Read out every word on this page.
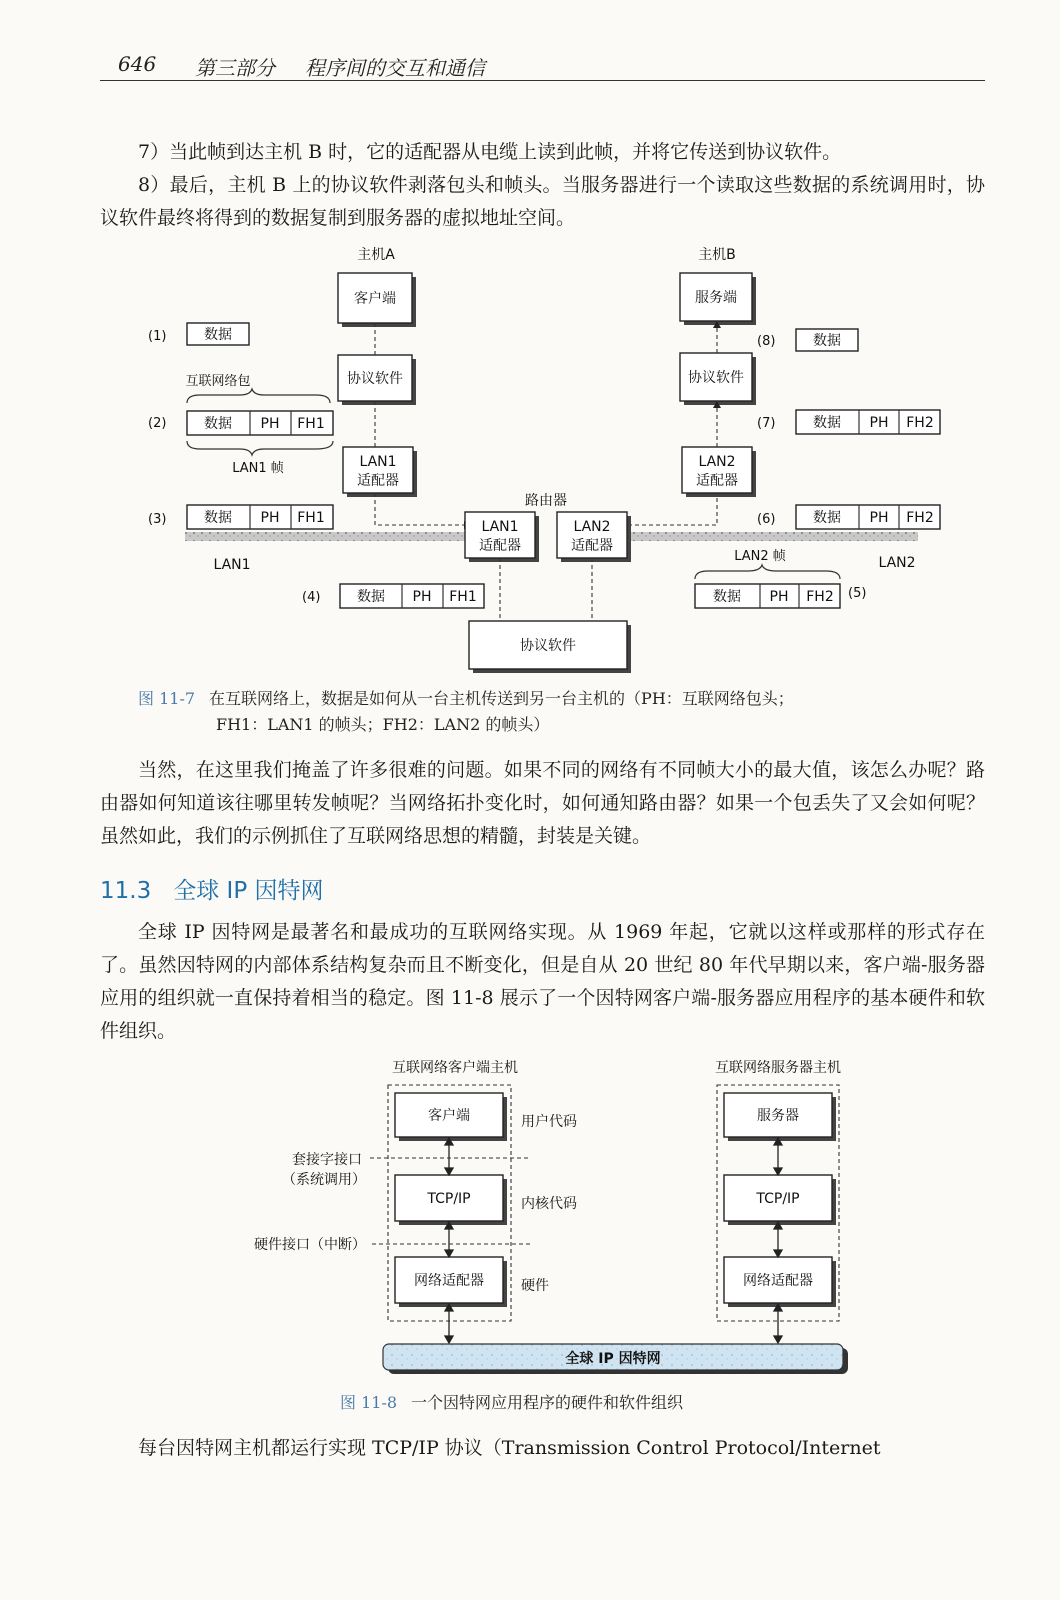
646 第三部分 程序间的交互和通信

7）当此帧到达主机 B 时，它的适配器从电缆上读到此帧，并将它传送到协议软件。

8）最后，主机 B 上的协议软件剥落包头和帧头。当服务器进行一个读取这些数据的系统调用时，协议软件最终将得到的数据复制到服务器的虚拟地址空间。

主机A	主机B
客户端
协议软件
LAN1
适配器
服务端
协议软件
LAN2
适配器
路由器
LAN1
适配器
LAN2
适配器
协议软件
LAN1	LAN2
(1)	数据
互联网络包
(2)	数据 PH FH1
LAN1 帧
(3)	数据 PH FH1
(4)	数据 PH FH1
LAN2 帧
数据 PH FH2 (5)
(6)	数据 PH FH2
(7)	数据 PH FH2
(8)	数据
图 11-7 在互联网络上，数据是如何从一台主机传送到另一台主机的（PH：互联网络包头；
FH1：LAN1 的帧头；FH2：LAN2 的帧头）

当然，在这里我们掩盖了许多很难的问题。如果不同的网络有不同帧大小的最大值，该怎么办呢？路由器如何知道该往哪里转发帧呢？当网络拓扑变化时，如何通知路由器？如果一个包丢失了又会如何呢？虽然如此，我们的示例抓住了互联网络思想的精髓，封装是关键。

11.3 全球 IP 因特网

全球 IP 因特网是最著名和最成功的互联网络实现。从 1969 年起，它就以这样或那样的形式存在了。虽然因特网的内部体系结构复杂而且不断变化，但是自从 20 世纪 80 年代早期以来，客户端-服务器应用的组织就一直保持着相当的稳定。图 11-8 展示了一个因特网客户端-服务器应用程序的基本硬件和软件组织。

互联网络客户端主机	互联网络服务器主机
客户端
TCP/IP
网络适配器
服务器
TCP/IP
网络适配器
用户代码
内核代码
硬件
套接字接口
（系统调用）
硬件接口（中断）
全球 IP 因特网
图 11-8 一个因特网应用程序的硬件和软件组织

每台因特网主机都运行实现 TCP/IP 协议（Transmission Control Protocol/Internet
